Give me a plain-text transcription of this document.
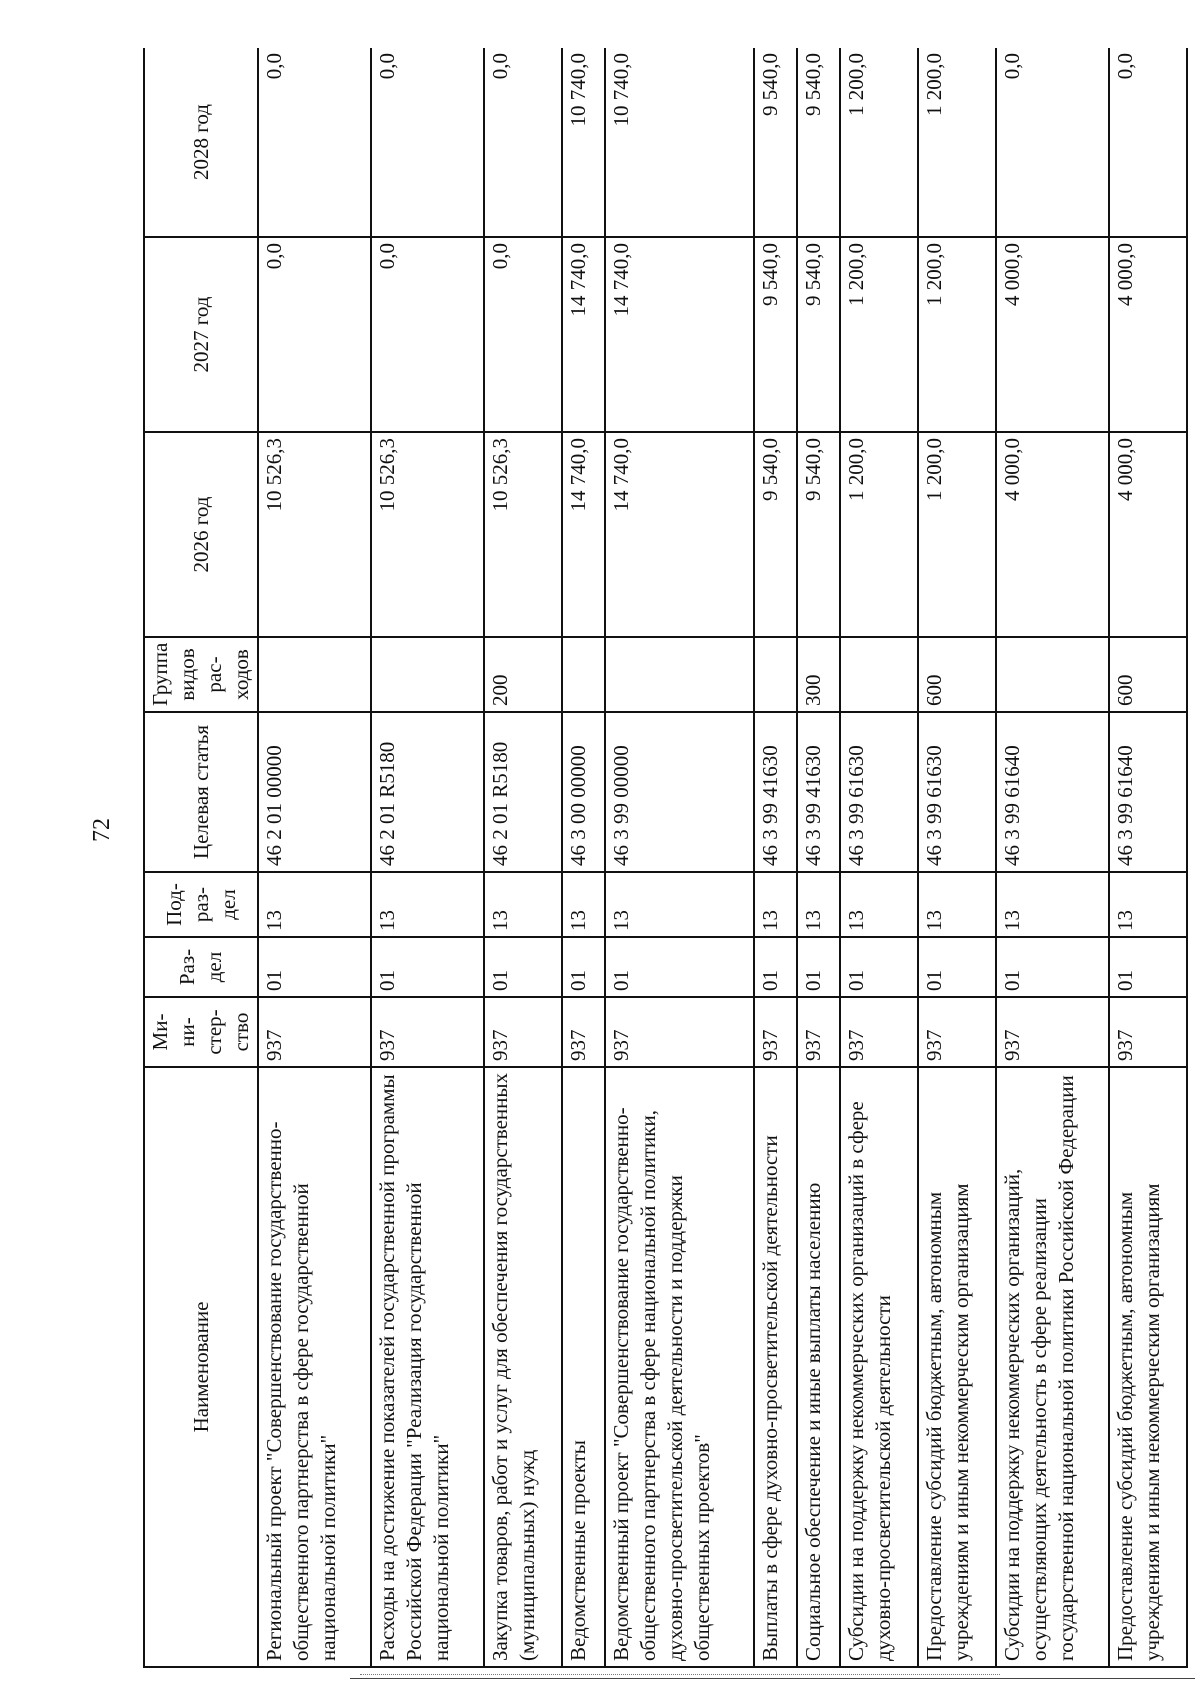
72
Наименование	Ми-ни-стер-ство	Раз-дел	Под-раз-дел	Целевая статья	Группа видов рас-ходов	2026 год	2027 год	2028 год
Региональный проект "Совершенствование государственно-общественного партнерства в сфере государственной национальной политики"	937	01	13	46 2 01 00000		10 526,3	0,0	0,0
Расходы на достижение показателей государственной программы Российской Федерации "Реализация государственной национальной политики"	937	01	13	46 2 01 R5180		10 526,3	0,0	0,0
Закупка товаров, работ и услуг для обеспечения государственных (муниципальных) нужд	937	01	13	46 2 01 R5180	200	10 526,3	0,0	0,0
Ведомственные проекты	937	01	13	46 3 00 00000		14 740,0	14 740,0	10 740,0
Ведомственный проект "Совершенствование государственно-общественного партнерства в сфере национальной политики, духовно-просветительской деятельности и поддержки общественных проектов"	937	01	13	46 3 99 00000		14 740,0	14 740,0	10 740,0
Выплаты в сфере духовно-просветительской деятельности	937	01	13	46 3 99 41630		9 540,0	9 540,0	9 540,0
Социальное обеспечение и иные выплаты населению	937	01	13	46 3 99 41630	300	9 540,0	9 540,0	9 540,0
Субсидии на поддержку некоммерческих организаций в сфере духовно-просветительской деятельности	937	01	13	46 3 99 61630		1 200,0	1 200,0	1 200,0
Предоставление субсидий бюджетным, автономным учреждениям и иным некоммерческим организациям	937	01	13	46 3 99 61630	600	1 200,0	1 200,0	1 200,0
Субсидии на поддержку некоммерческих организаций, осуществляющих деятельность в сфере реализации государственной национальной политики Российской Федерации	937	01	13	46 3 99 61640		4 000,0	4 000,0	0,0
Предоставление субсидий бюджетным, автономным учреждениям и иным некоммерческим организациям	937	01	13	46 3 99 61640	600	4 000,0	4 000,0	0,0
